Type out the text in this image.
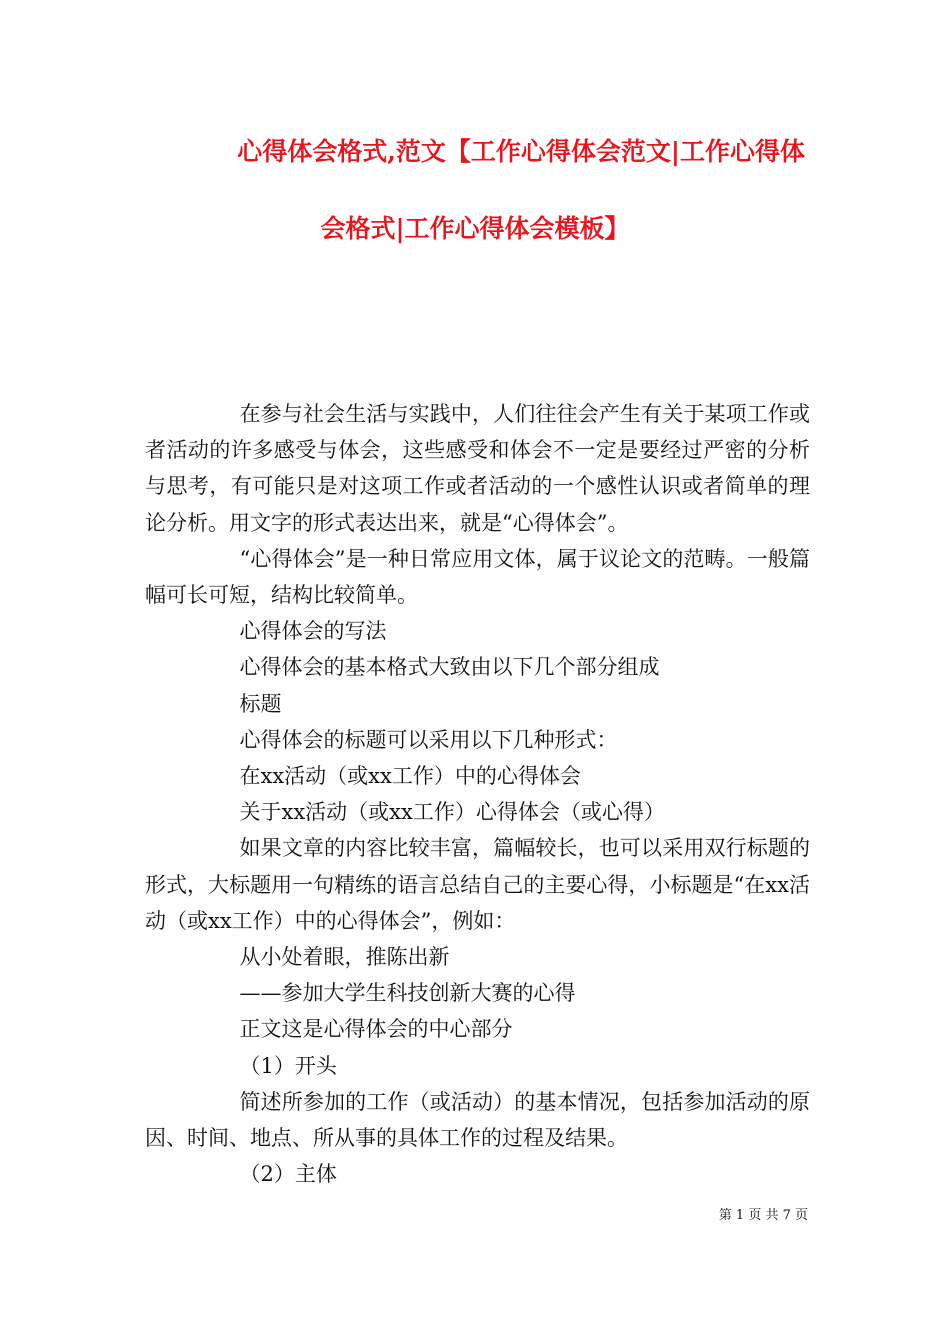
心得体会格式,范文【工作心得体会范文|工作心得体
会格式|工作心得体会模板】

在参与社会生活与实践中，人们往往会产生有关于某项工作或者活动的许多感受与体会，这些感受和体会不一定是要经过严密的分析与思考，有可能只是对这项工作或者活动的一个感性认识或者简单的理论分析。用文字的形式表达出来，就是“心得体会”。

“心得体会”是一种日常应用文体，属于议论文的范畴。一般篇幅可长可短，结构比较简单。

心得体会的写法

心得体会的基本格式大致由以下几个部分组成

标题

心得体会的标题可以采用以下几种形式：

在xx活动（或xx工作）中的心得体会

关于xx活动（或xx工作）心得体会（或心得）

如果文章的内容比较丰富，篇幅较长，也可以采用双行标题的形式，大标题用一句精练的语言总结自己的主要心得，小标题是“在xx活动（或xx工作）中的心得体会”，例如：

从小处着眼，推陈出新

——参加大学生科技创新大赛的心得

正文这是心得体会的中心部分

（1）开头

简述所参加的工作（或活动）的基本情况，包括参加活动的原因、时间、地点、所从事的具体工作的过程及结果。

（2）主体

第 1 页 共 7 页
